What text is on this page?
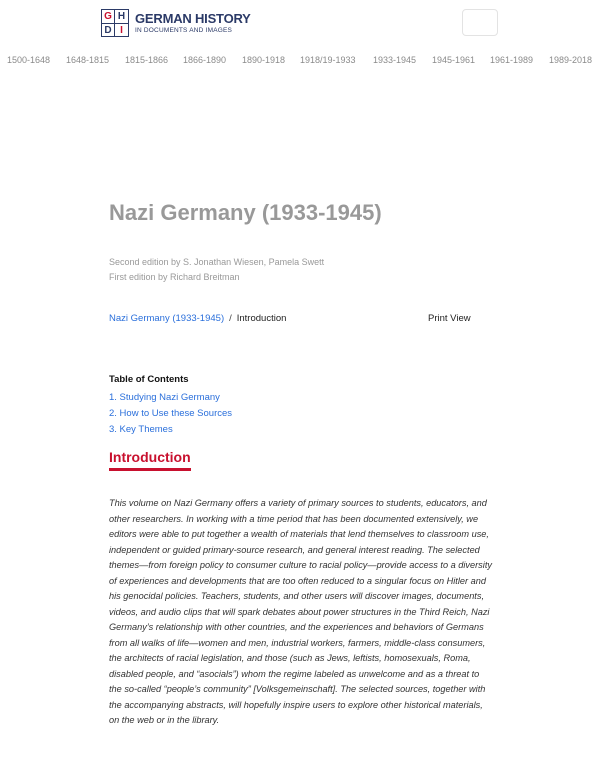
G H
D I
GERMAN HISTORY
IN DOCUMENTS AND IMAGES
1500-1648 1648-1815 1815-1866 1866-1890 1890-1918 1918/19-1933 1933-1945 1945-1961 1961-1989 1989-2018
Nazi Germany (1933-1945)
Second edition by S. Jonathan Wiesen, Pamela Swett
First edition by Richard Breitman
Nazi Germany (1933-1945) / Introduction	Print View
Table of Contents
1. Studying Nazi Germany
2. How to Use these Sources
3. Key Themes
Introduction

This volume on Nazi Germany offers a variety of primary sources to students, educators, and other researchers. In working with a time period that has been documented extensively, we editors were able to put together a wealth of materials that lend themselves to classroom use, independent or guided primary-source research, and general interest reading. The selected themes—from foreign policy to consumer culture to racial policy—provide access to a diversity of experiences and developments that are too often reduced to a singular focus on Hitler and his genocidal policies. Teachers, students, and other users will discover images, documents, videos, and audio clips that will spark debates about power structures in the Third Reich, Nazi Germany’s relationship with other countries, and the experiences and behaviors of Germans from all walks of life—women and men, industrial workers, farmers, middle-class consumers, the architects of racial legislation, and those (such as Jews, leftists, homosexuals, Roma, disabled people, and “asocials”) whom the regime labeled as unwelcome and as a threat to the so-called “people’s community” [Volksgemeinschaft]. The selected sources, together with the accompanying abstracts, will hopefully inspire users to explore other historical materials, on the web or in the library.
